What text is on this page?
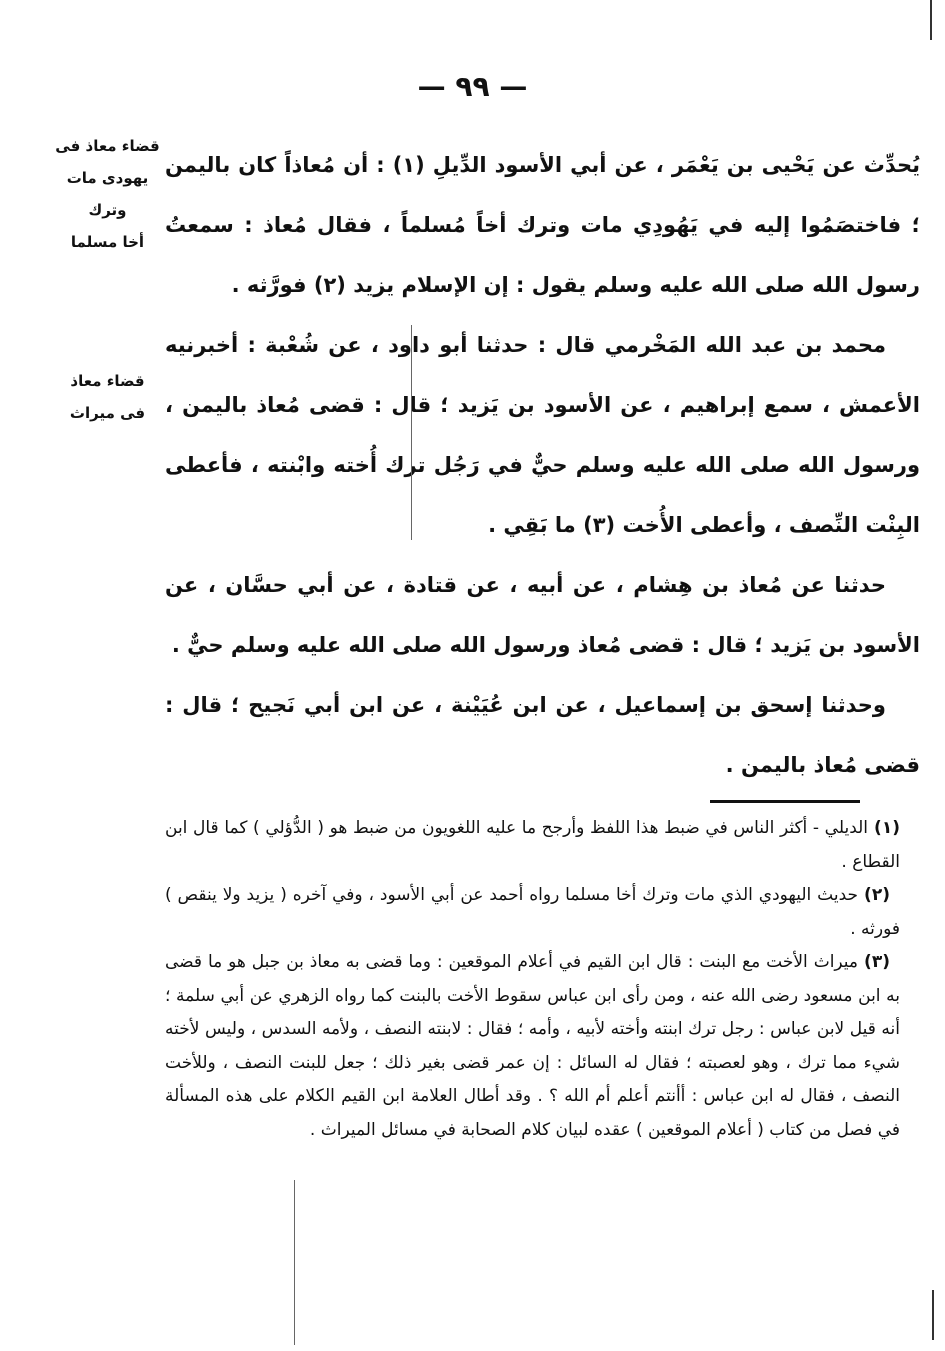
— ٩٩ —
قضاء معاذ فى
يهودى مات وترك
أخا مسلما
قضاء معاذ
فى ميراث

يُحدِّث عن يَحْيى بن يَعْمَر ، عن أبي الأسود الدِّيلِ (١) : أن مُعاذاً كان باليمن ؛ فاختصَمُوا إليه في يَهُودِي مات وترك أخاً مُسلماً ، فقال مُعاذ : سمعتُ رسول الله صلى الله عليه وسلم يقول : إن الإسلام يزيد (٢) فورَّثه .

محمد بن عبد الله المَخْرمي قال : حدثنا أبو داود ، عن شُعْبة : أخبرنيه الأعمش ، سمع إبراهيم ، عن الأسود بن يَزيد ؛ قال : قضى مُعاذ باليمن ، ورسول الله صلى الله عليه وسلم حيٌّ في رَجُل ترك أُخته وابْنته ، فأعطى البِنْت النِّصف ، وأعطى الأُخت (٣) ما بَقِي .

حدثنا عن مُعاذ بن هِشام ، عن أبيه ، عن قتادة ، عن أبي حسَّان ، عن الأسود بن يَزيد ؛ قال : قضى مُعاذ ورسول الله صلى الله عليه وسلم حيٌّ .

وحدثنا إسحق بن إسماعيل ، عن ابن عُيَيْنة ، عن ابن أبي نَجيح ؛ قال : قضى مُعاذ باليمن .

(١)الديلي - أكثر الناس في ضبط هذا اللفظ وأرجح ما عليه اللغويون من ضبط هو ( الدُّؤلي ) كما قال ابن القطاع .

(٢)حديث اليهودي الذي مات وترك أخا مسلما رواه أحمد عن أبي الأسود ، وفي آخره ( يزيد ولا ينقص ) فورثه .

(٣)ميراث الأخت مع البنت : قال ابن القيم في أعلام الموقعين : وما قضى به معاذ بن جبل هو ما قضى به ابن مسعود رضى الله عنه ، ومن رأى ابن عباس سقوط الأخت بالبنت كما رواه الزهري عن أبي سلمة ؛ أنه قيل لابن عباس : رجل ترك ابنته وأخته لأبيه ، وأمه ؛ فقال : لابنته النصف ، ولأمه السدس ، وليس لأخته شيء مما ترك ، وهو لعصبته ؛ فقال له السائل : إن عمر قضى بغير ذلك ؛ جعل للبنت النصف ، وللأخت النصف ، فقال له ابن عباس : أأنتم أعلم أم الله ؟ . وقد أطال العلامة ابن القيم الكلام على هذه المسألة في فصل من كتاب ( أعلام الموقعين ) عقده لبيان كلام الصحابة في مسائل الميراث .
